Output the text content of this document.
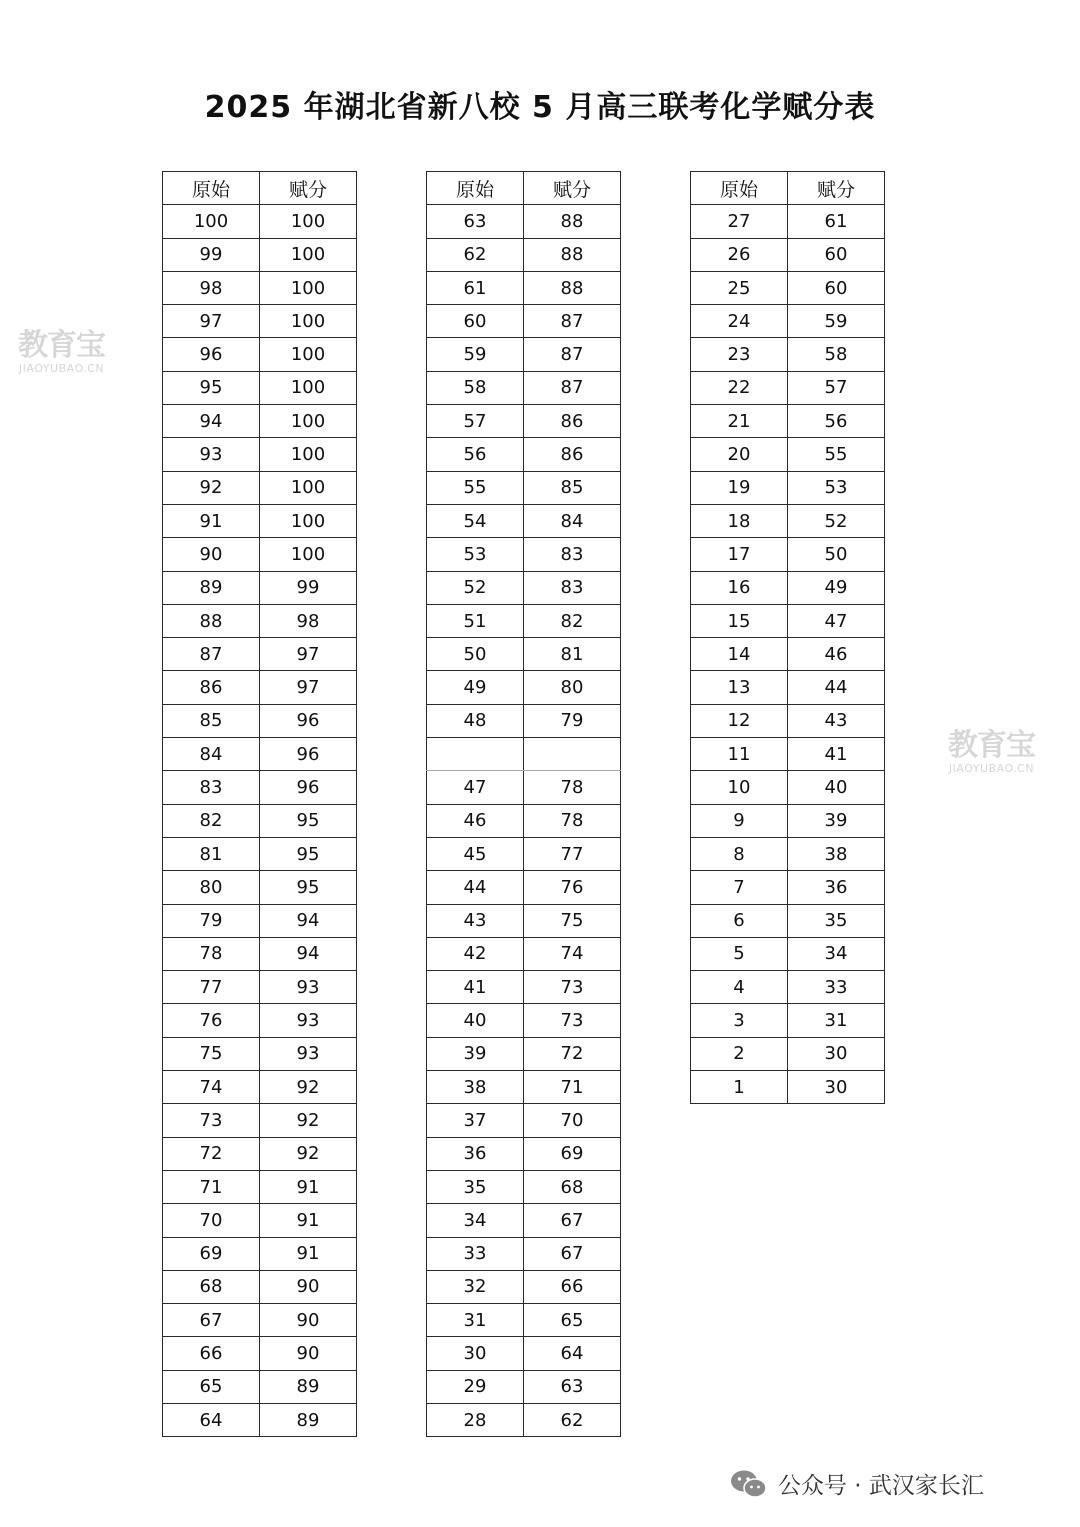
2025 年湖北省新八校 5 月高三联考化学赋分表
原始	赋分
100	100
99	100
98	100
97	100
96	100
95	100
94	100
93	100
92	100
91	100
90	100
89	99
88	98
87	97
86	97
85	96
84	96
83	96
82	95
81	95
80	95
79	94
78	94
77	93
76	93
75	93
74	92
73	92
72	92
71	91
70	91
69	91
68	90
67	90
66	90
65	89
64	89
原始	赋分
63	88
62	88
61	88
60	87
59	87
58	87
57	86
56	86
55	85
54	84
53	83
52	83
51	82
50	81
49	80
48	79

47	78
46	78
45	77
44	76
43	75
42	74
41	73
40	73
39	72
38	71
37	70
36	69
35	68
34	67
33	67
32	66
31	65
30	64
29	63
28	62
原始	赋分
27	61
26	60
25	60
24	59
23	58
22	57
21	56
20	55
19	53
18	52
17	50
16	49
15	47
14	46
13	44
12	43
11	41
10	40
9	39
8	38
7	36
6	35
5	34
4	33
3	31
2	30
1	30
教育宝
JIAOYUBAO.CN
教育宝
JIAOYUBAO.CN
公众号 · 武汉家长汇
